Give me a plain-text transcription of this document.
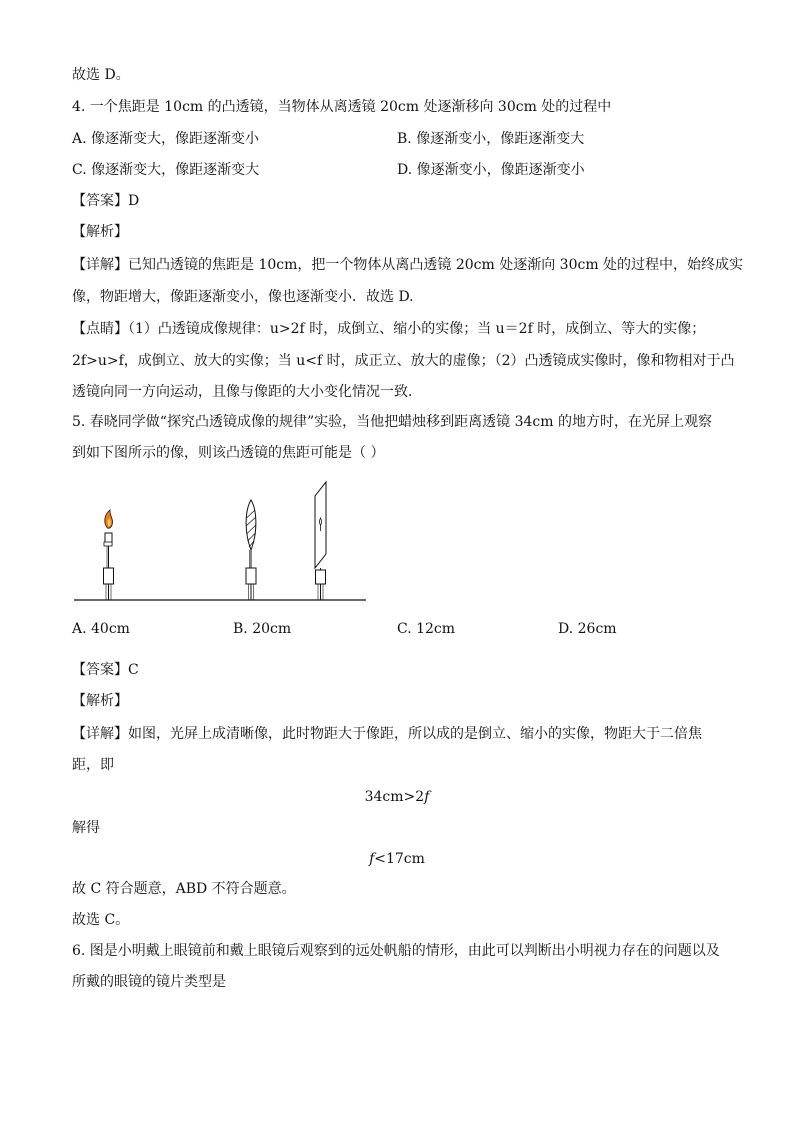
故选 D。
4. 一个焦距是 10cm 的凸透镜，当物体从离透镜 20cm 处逐渐移向 30cm 处的过程中
A. 像逐渐变大，像距逐渐变小	B. 像逐渐变小，像距逐渐变大
C. 像逐渐变大，像距逐渐变大	D. 像逐渐变小，像距逐渐变小
【答案】D
【解析】
【详解】已知凸透镜的焦距是 10cm，把一个物体从离凸透镜 20cm 处逐渐向 30cm 处的过程中，始终成实
像，物距增大，像距逐渐变小，像也逐渐变小．故选 D.
【点睛】（1）凸透镜成像规律：u>2f 时，成倒立、缩小的实像；当 u＝2f 时，成倒立、等大的实像；
2f>u>f，成倒立、放大的实像；当 u<f 时，成正立、放大的虚像；（2）凸透镜成实像时，像和物相对于凸
透镜向同一方向运动，且像与像距的大小变化情况一致．
5. 春晓同学做“探究凸透镜成像的规律”实验，当他把蜡烛移到距离透镜 34cm 的地方时，在光屏上观察
到如下图所示的像，则该凸透镜的焦距可能是（ ）
A. 40cm	B. 20cm	C. 12cm	D. 26cm
【答案】C
【解析】
【详解】如图，光屏上成清晰像，此时物距大于像距，所以成的是倒立、缩小的实像，物距大于二倍焦
距，即
34cm>2f
解得
f<17cm
故 C 符合题意，ABD 不符合题意。
故选 C。
6. 图是小明戴上眼镜前和戴上眼镜后观察到的远处帆船的情形，由此可以判断出小明视力存在的问题以及
所戴的眼镜的镜片类型是
